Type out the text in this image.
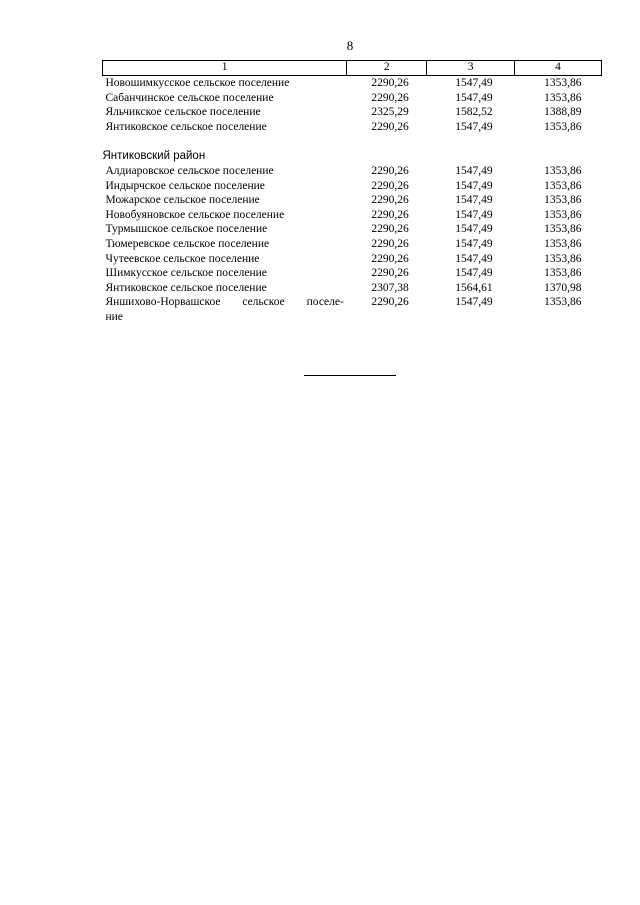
8
1	2	3	4
Новошимкусское сельское поселение	2290,26	1547,49	1353,86
Сабанчинское сельское поселение	2290,26	1547,49	1353,86
Яльчикское сельское поселение	2325,29	1582,52	1388,89
Янтиковское сельское поселение	2290,26	1547,49	1353,86

Янтиковский район			
Алдиаровское сельское поселение	2290,26	1547,49	1353,86
Индырчское сельское поселение	2290,26	1547,49	1353,86
Можарское сельское поселение	2290,26	1547,49	1353,86
Новобуяновское сельское поселение	2290,26	1547,49	1353,86
Турмышское сельское поселение	2290,26	1547,49	1353,86
Тюмеревское сельское поселение	2290,26	1547,49	1353,86
Чутеевское сельское поселение	2290,26	1547,49	1353,86
Шимкусское сельское поселение	2290,26	1547,49	1353,86
Янтиковское сельское поселение	2307,38	1564,61	1370,98

Яншихово-Норвашское сельское поселе-
ние	2290,26	1547,49	1353,86
